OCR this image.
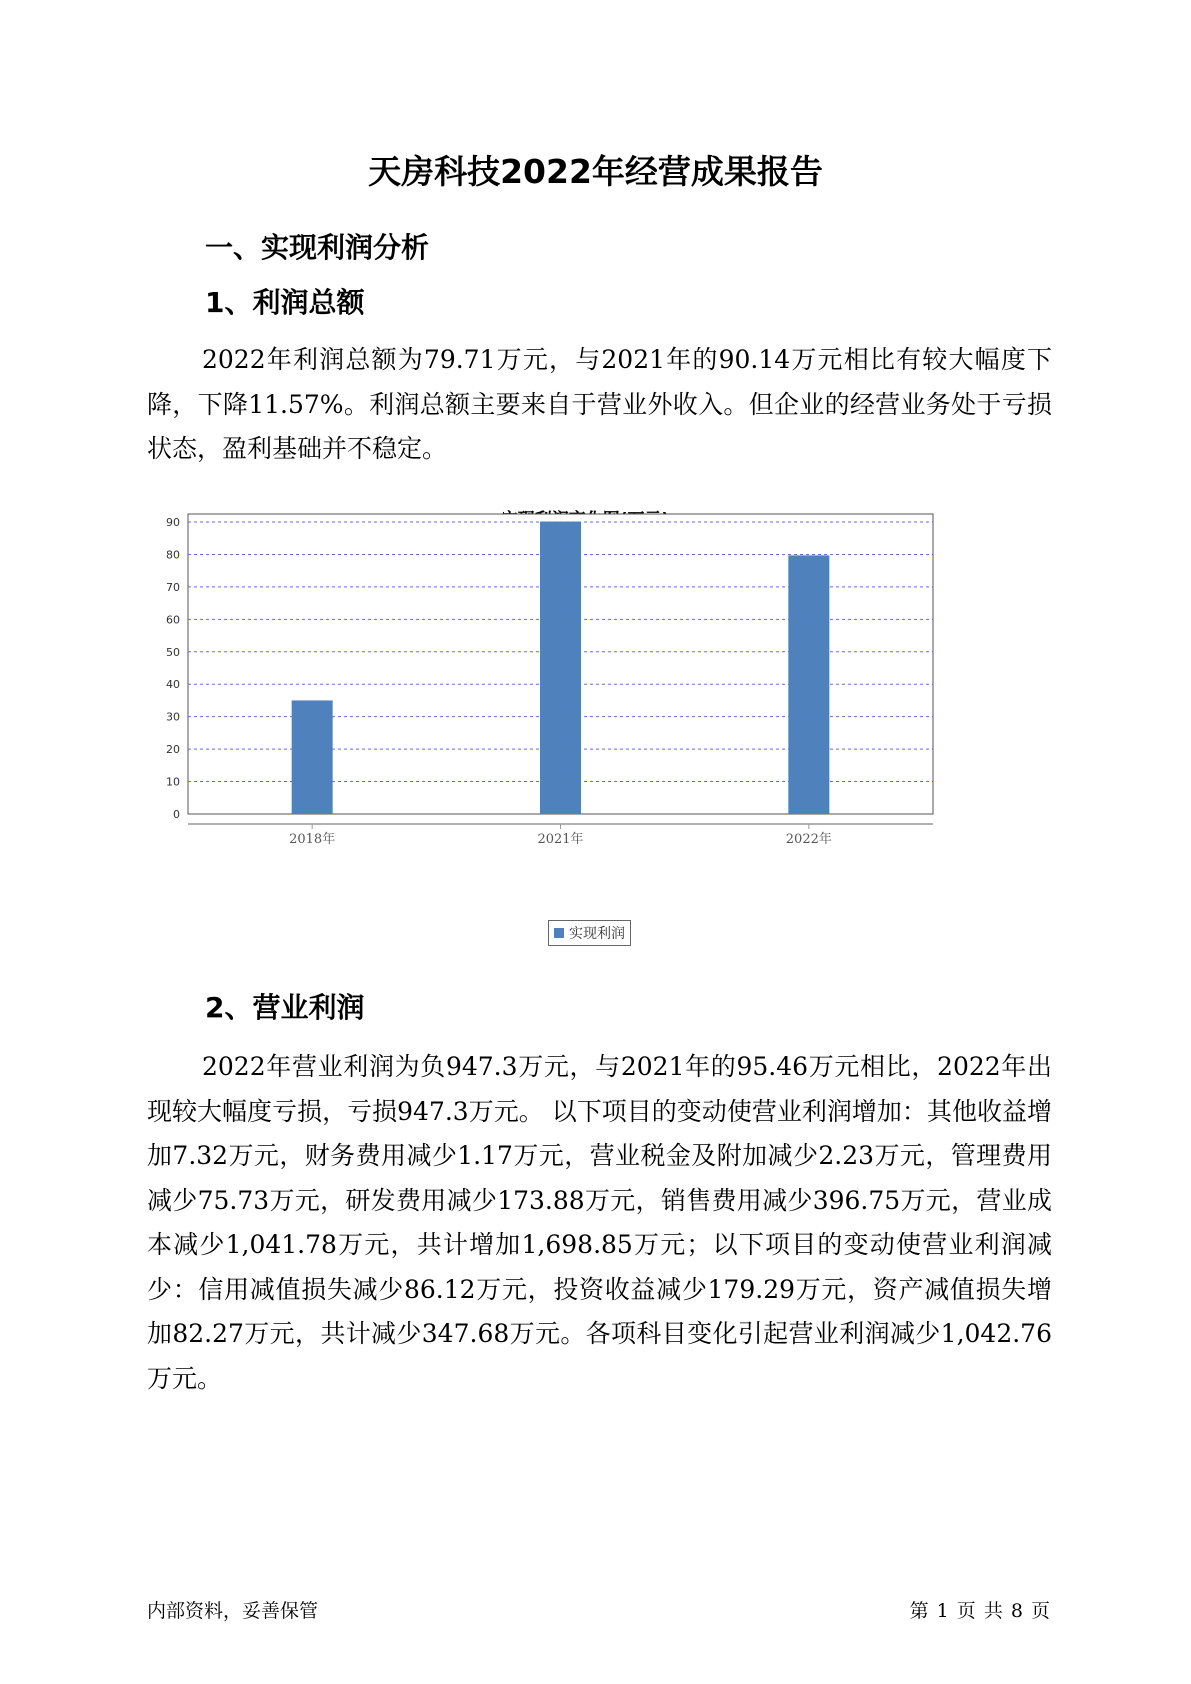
天房科技2022年经营成果报告
一、实现利润分析
1、利润总额

2022年利润总额为79.71万元，与2021年的90.14万元相比有较大幅度下降，下降11.57%。利润总额主要来自于营业外收入。但企业的经营业务处于亏损状态，盈利基础并不稳定。

0
10
20
30
40
50
60
70
80
90
2018年	2021年	2022年
实现利润
2、营业利润

2022年营业利润为负947.3万元，与2021年的95.46万元相比，2022年出现较大幅度亏损，亏损947.3万元。 以下项目的变动使营业利润增加：其他收益增加7.32万元，财务费用减少1.17万元，营业税金及附加减少2.23万元，管理费用减少75.73万元，研发费用减少173.88万元，销售费用减少396.75万元，营业成本减少1,041.78万元，共计增加1,698.85万元；以下项目的变动使营业利润减少：信用减值损失减少86.12万元，投资收益减少179.29万元，资产减值损失增加82.27万元，共计减少347.68万元。各项科目变化引起营业利润减少1,042.76万元。

内部资料，妥善保管	第 1 页 共 8 页
